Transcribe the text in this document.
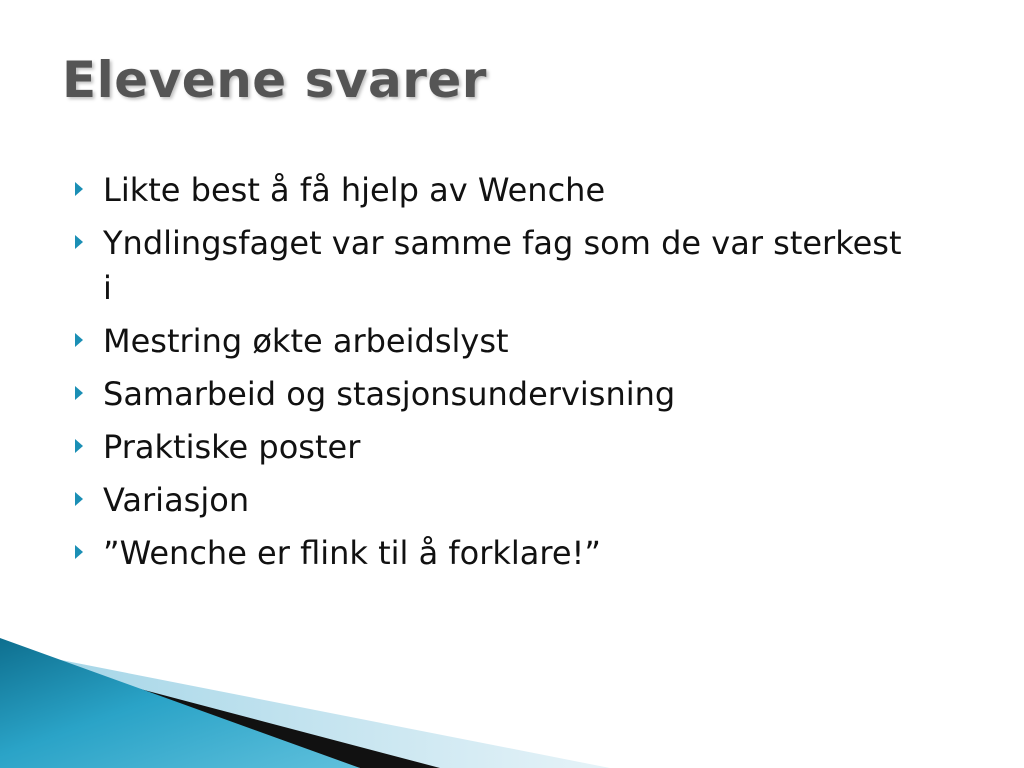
Elevene svarer
Likte best å få hjelp av Wenche
Yndlingsfaget var samme fag som de var sterkest i
Mestring økte arbeidslyst
Samarbeid og stasjonsundervisning
Praktiske poster
Variasjon
”Wenche er flink til å forklare!”
